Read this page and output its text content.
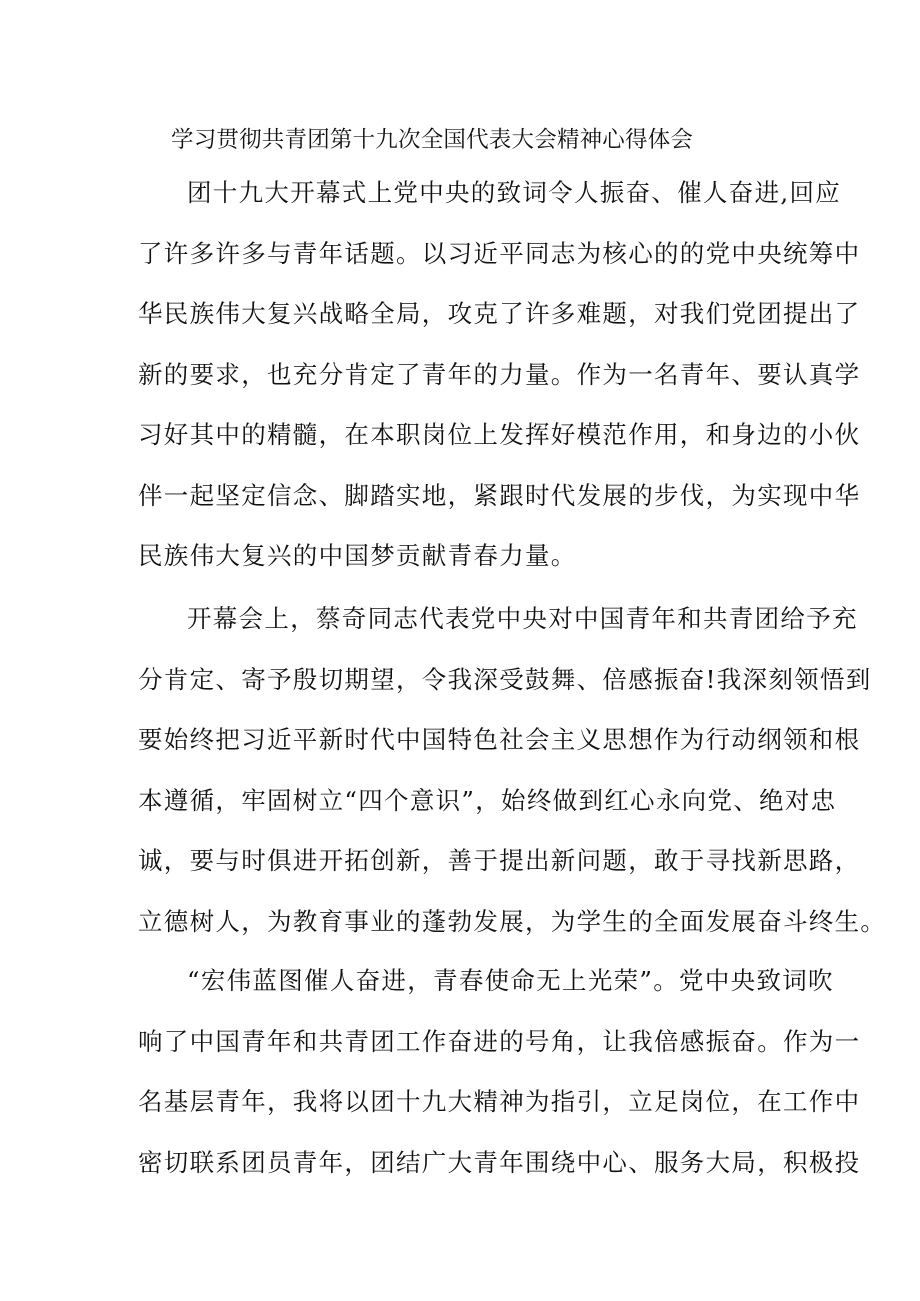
学习贯彻共青团第十九次全国代表大会精神心得体会
团十九大开幕式上党中央的致词令人振奋、催人奋进,回应
了许多许多与青年话题。以习近平同志为核心的的党中央统筹中
华民族伟大复兴战略全局，攻克了许多难题，对我们党团提出了
新的要求，也充分肯定了青年的力量。作为一名青年、要认真学
习好其中的精髓，在本职岗位上发挥好模范作用，和身边的小伙
伴一起坚定信念、脚踏实地，紧跟时代发展的步伐，为实现中华
民族伟大复兴的中国梦贡献青春力量。
开幕会上，蔡奇同志代表党中央对中国青年和共青团给予充
分肯定、寄予殷切期望，令我深受鼓舞、倍感振奋!我深刻领悟到
要始终把习近平新时代中国特色社会主义思想作为行动纲领和根
本遵循，牢固树立“四个意识”，始终做到红心永向党、绝对忠
诚，要与时俱进开拓创新，善于提出新问题，敢于寻找新思路，
立德树人，为教育事业的蓬勃发展，为学生的全面发展奋斗终生。
“宏伟蓝图催人奋进，青春使命无上光荣”。党中央致词吹
响了中国青年和共青团工作奋进的号角，让我倍感振奋。作为一
名基层青年，我将以团十九大精神为指引，立足岗位，在工作中
密切联系团员青年，团结广大青年围绕中心、服务大局，积极投
